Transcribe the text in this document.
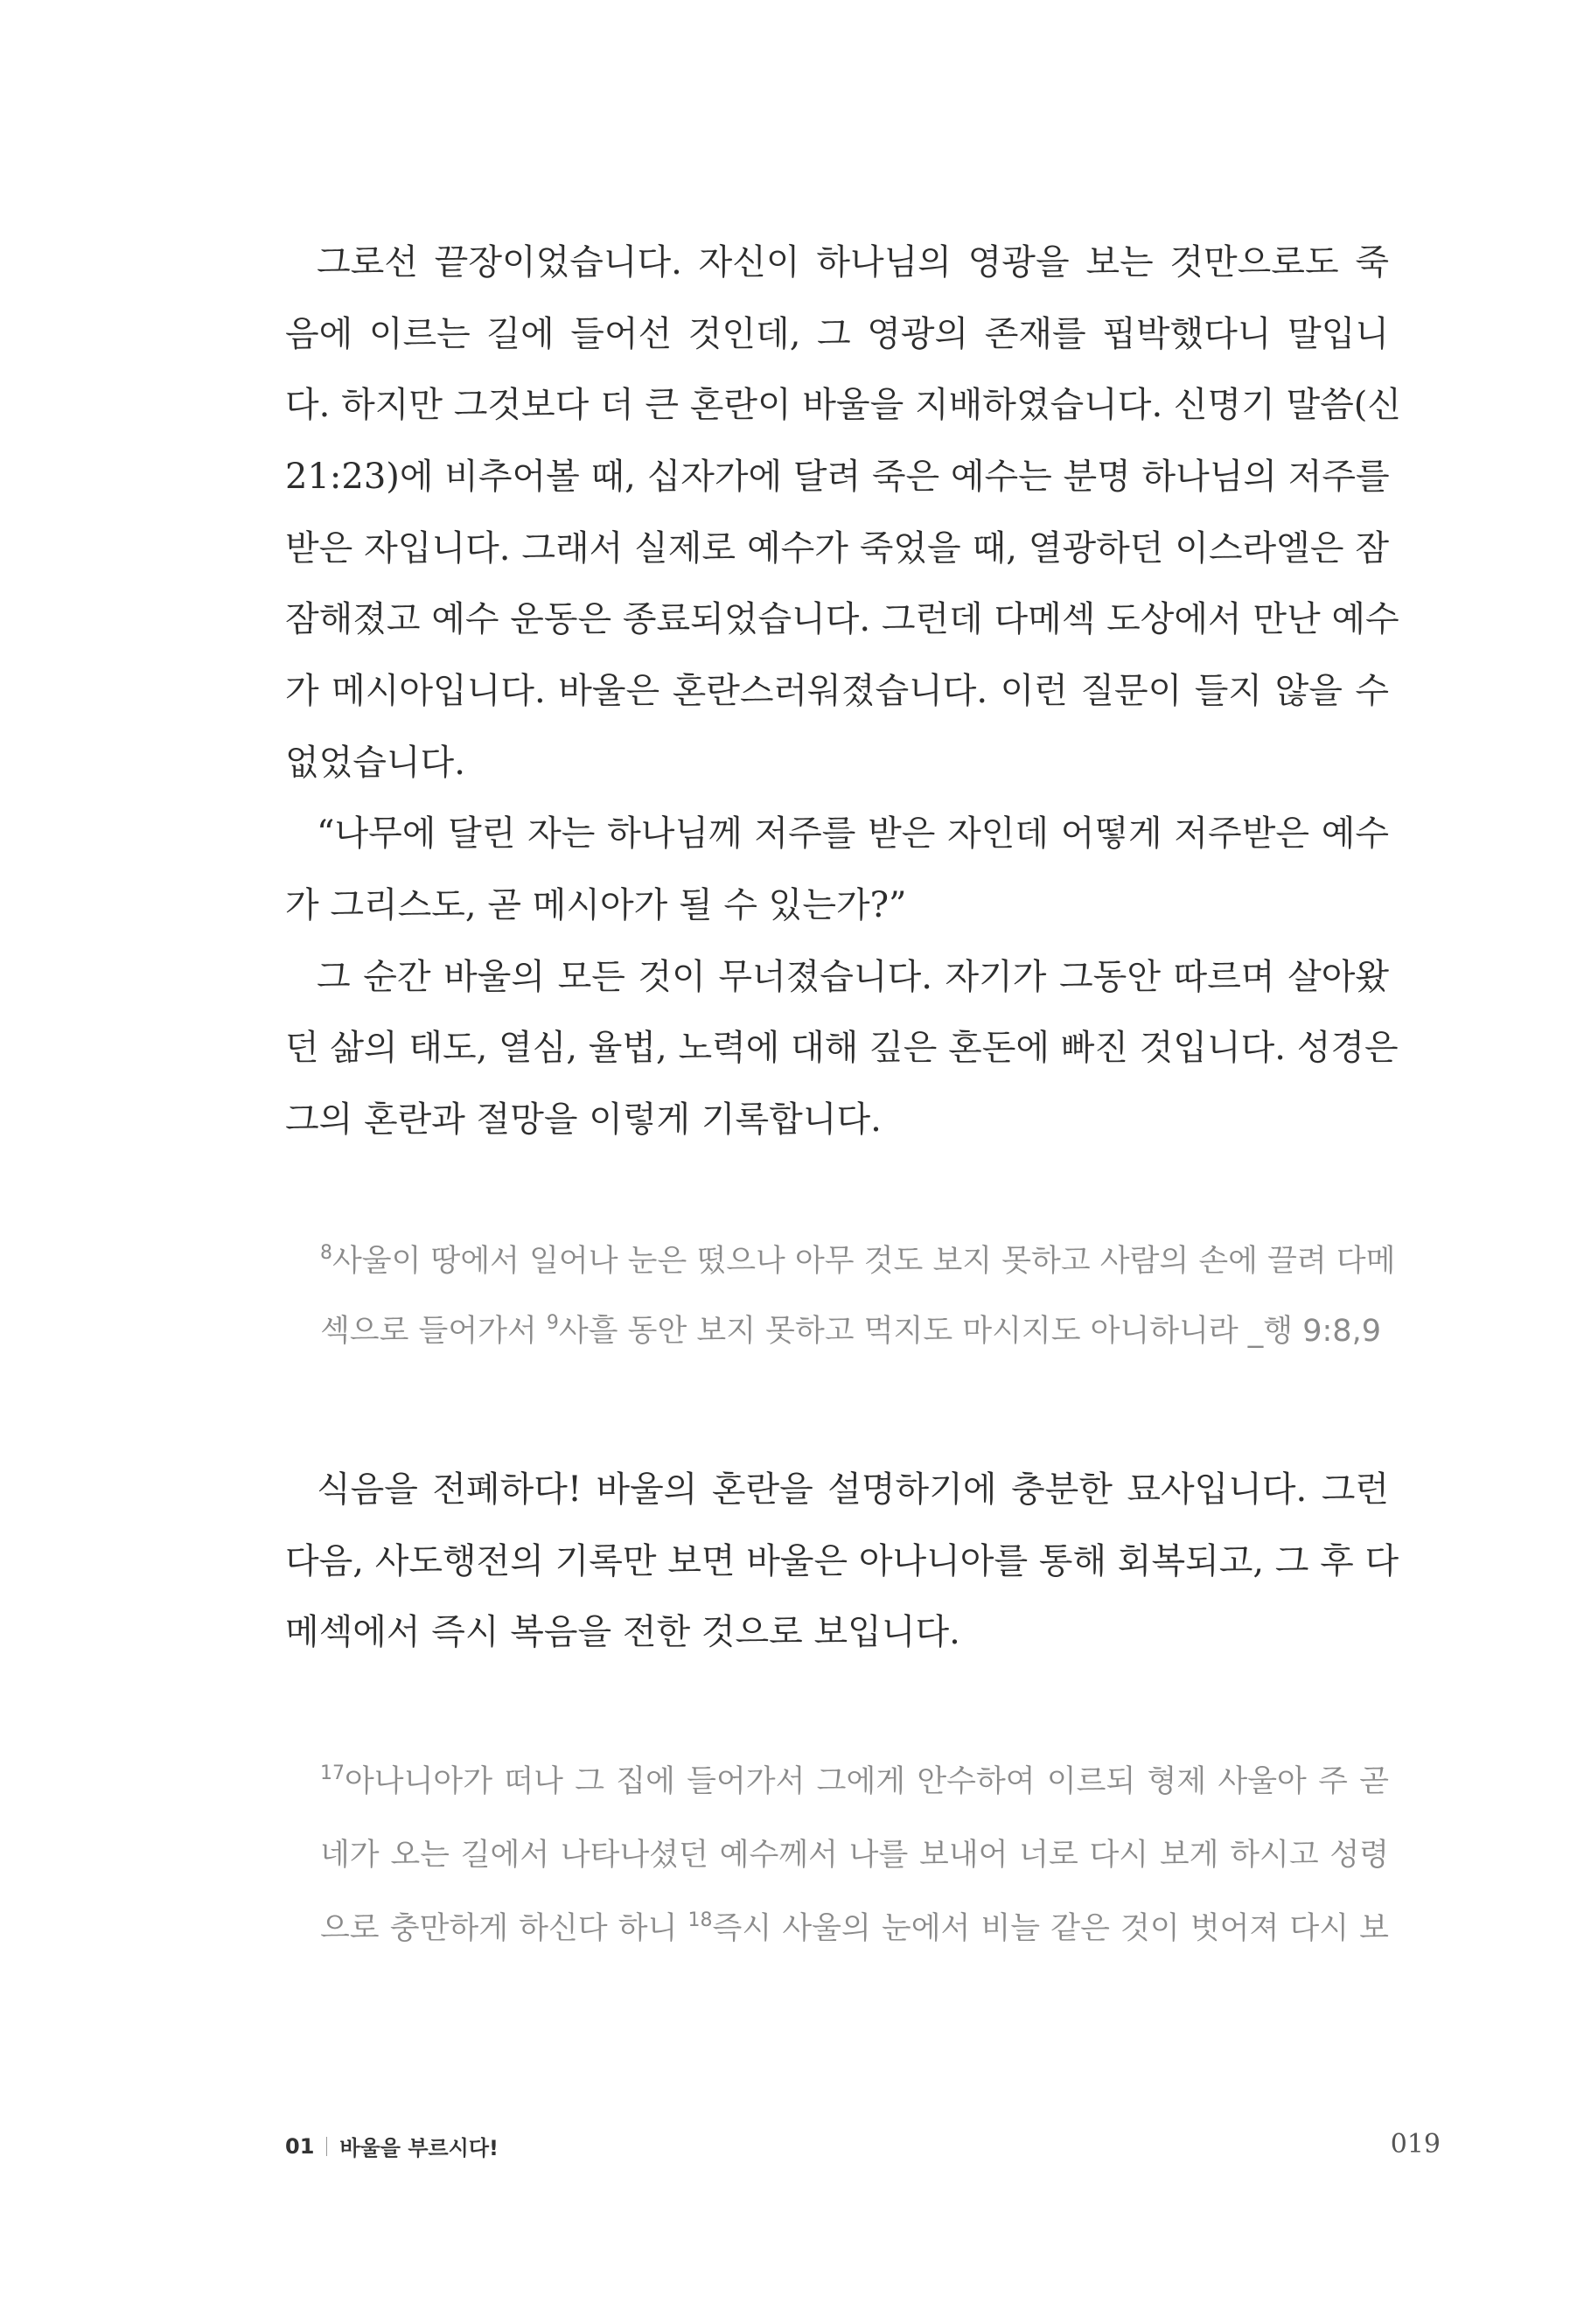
그로선 끝장이었습니다. 자신이 하나님의 영광을 보는 것만으로도 죽
음에 이르는 길에 들어선 것인데, 그 영광의 존재를 핍박했다니 말입니
다. 하지만 그것보다 더 큰 혼란이 바울을 지배하였습니다. 신명기 말씀(신
21:23)에 비추어볼 때, 십자가에 달려 죽은 예수는 분명 하나님의 저주를
받은 자입니다. 그래서 실제로 예수가 죽었을 때, 열광하던 이스라엘은 잠
잠해졌고 예수 운동은 종료되었습니다. 그런데 다메섹 도상에서 만난 예수
가 메시아입니다. 바울은 혼란스러워졌습니다. 이런 질문이 들지 않을 수
없었습니다.
“나무에 달린 자는 하나님께 저주를 받은 자인데 어떻게 저주받은 예수
가 그리스도, 곧 메시아가 될 수 있는가?”
그 순간 바울의 모든 것이 무너졌습니다. 자기가 그동안 따르며 살아왔
던 삶의 태도, 열심, 율법, 노력에 대해 깊은 혼돈에 빠진 것입니다. 성경은
그의 혼란과 절망을 이렇게 기록합니다.
$^8$사울이 땅에서 일어나 눈은 떴으나 아무 것도 보지 못하고 사람의 손에 끌려 다메
섹으로 들어가서 $^9$사흘 동안 보지 못하고 먹지도 마시지도 아니하니라 _행 9:8,9
식음을 전폐하다! 바울의 혼란을 설명하기에 충분한 묘사입니다. 그런
다음, 사도행전의 기록만 보면 바울은 아나니아를 통해 회복되고, 그 후 다
메섹에서 즉시 복음을 전한 것으로 보입니다.
$^{17}$아나니아가 떠나 그 집에 들어가서 그에게 안수하여 이르되 형제 사울아 주 곧
네가 오는 길에서 나타나셨던 예수께서 나를 보내어 너로 다시 보게 하시고 성령
으로 충만하게 하신다 하니 $^{18}$즉시 사울의 눈에서 비늘 같은 것이 벗어져 다시 보
01 바울을 부르시다!	019
